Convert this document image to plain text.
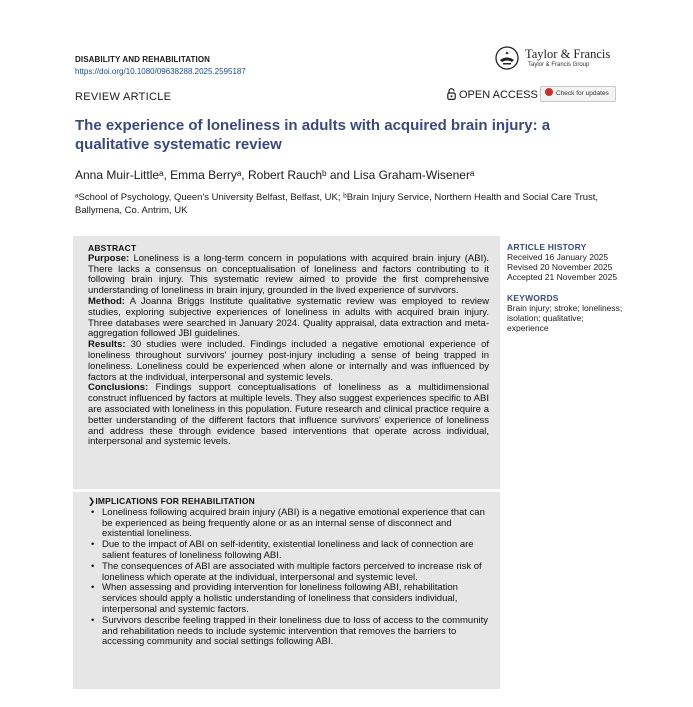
DISABILITY AND REHABILITATION
https://doi.org/10.1080/09638288.2025.2595187
Taylor & Francis
Taylor & Francis Group
REVIEW ARTICLE	OPEN ACCESS	Check for updates
The experience of loneliness in adults with acquired brain injury: a qualitative systematic review
Anna Muir-Littleᵃ, Emma Berryᵃ, Robert Rauchᵇ and Lisa Graham-Wisenerᵃ
ᵃSchool of Psychology, Queen's University Belfast, Belfast, UK; ᵇBrain Injury Service, Northern Health and Social Care Trust, Ballymena, Co. Antrim, UK
ABSTRACT

Purpose: Loneliness is a long-term concern in populations with acquired brain injury (ABI). There lacks a consensus on conceptualisation of loneliness and factors contributing to it following brain injury. This systematic review aimed to provide the first comprehensive understanding of loneliness in brain injury, grounded in the lived experience of survivors.

Method: A Joanna Briggs Institute qualitative systematic review was employed to review studies, exploring subjective experiences of loneliness in adults with acquired brain injury. Three databases were searched in January 2024. Quality appraisal, data extraction and meta-aggregation followed JBI guidelines.

Results: 30 studies were included. Findings included a negative emotional experience of loneliness throughout survivors' journey post-injury including a sense of being trapped in loneliness. Loneliness could be experienced when alone or internally and was influenced by factors at the individual, interpersonal and systemic levels.

Conclusions: Findings support conceptualisations of loneliness as a multidimensional construct influenced by factors at multiple levels. They also suggest experiences specific to ABI are associated with loneliness in this population. Future research and clinical practice require a better understanding of the different factors that influence survivors' experience of loneliness and address these through evidence based interventions that operate across individual, interpersonal and systemic levels.

❯IMPLICATIONS FOR REHABILITATION
• Loneliness following acquired brain injury (ABI) is a negative emotional experience that can be experienced as being frequently alone or as an internal sense of disconnect and existential loneliness.
• Due to the impact of ABI on self-identity, existential loneliness and lack of connection are salient features of loneliness following ABI.
• The consequences of ABI are associated with multiple factors perceived to increase risk of loneliness which operate at the individual, interpersonal and systemic level.
• When assessing and providing intervention for loneliness following ABI, rehabilitation services should apply a holistic understanding of loneliness that considers individual, interpersonal and systemic factors.
• Survivors describe feeling trapped in their loneliness due to loss of access to the community and rehabilitation needs to include systemic intervention that removes the barriers to accessing community and social settings following ABI.
ARTICLE HISTORY
Received 16 January 2025
Revised 20 November 2025
Accepted 21 November 2025
KEYWORDS
Brain injury; stroke; loneliness; isolation; qualitative; experience
